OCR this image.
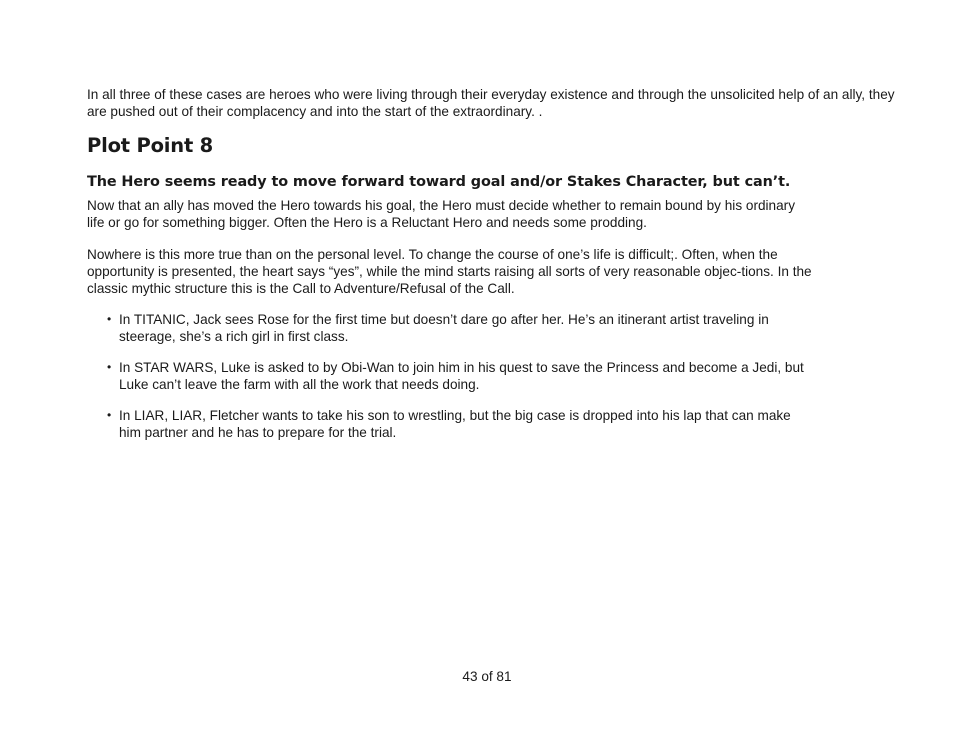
In all three of these cases are heroes who were living through their everyday existence and through the unsolicited help of an ally, they are pushed out of their complacency and into the start of the extraordinary. .

Plot Point 8
The Hero seems ready to move forward toward goal and/or Stakes Character, but can’t.

Now that an ally has moved the Hero towards his goal, the Hero must decide whether to remain bound by his ordinary life or go for something bigger. Often the Hero is a Reluctant Hero and needs some prodding.

Nowhere is this more true than on the personal level. To change the course of one’s life is difficult;. Often, when the opportunity is presented, the heart says “yes”, while the mind starts raising all sorts of very reasonable objec-tions. In the classic mythic structure this is the Call to Adventure/Refusal of the Call.

• In TITANIC, Jack sees Rose for the first time but doesn’t dare go after her. He’s an itinerant artist traveling in steerage, she’s a rich girl in first class.
• In STAR WARS, Luke is asked to by Obi-Wan to join him in his quest to save the Princess and become a Jedi, but Luke can’t leave the farm with all the work that needs doing.
• In LIAR, LIAR, Fletcher wants to take his son to wrestling, but the big case is dropped into his lap that can make him partner and he has to prepare for the trial.
43 of 81
